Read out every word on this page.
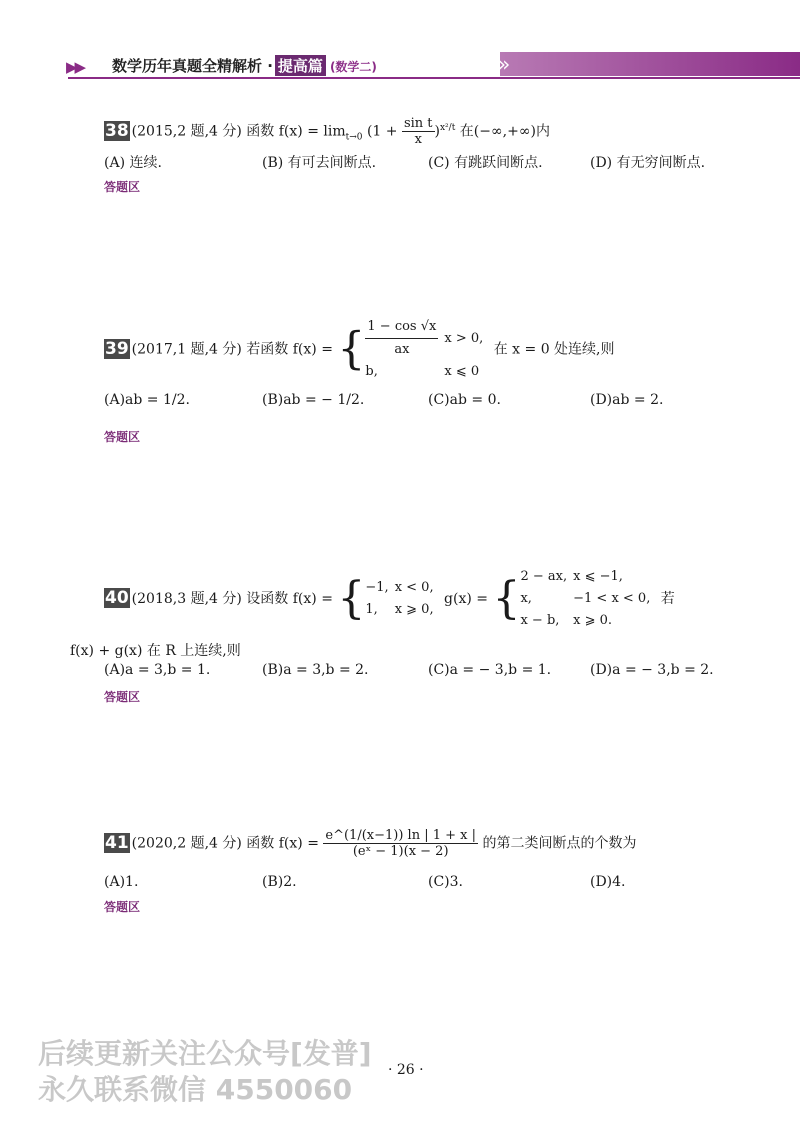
»
▶▶ 数学历年真题全精解析 · 提高篇 (数学二)
38 (2015,2 题,4 分) 函数 $f(x) = \lim_{t\to 0} (1 + \frac{\text{sin t}}{x} )^{x^2/t}$ 在(−∞,+∞)内
(A) 连续.	(B) 有可去间断点.	(C) 有跳跃间断点.	(D) 有无穷间断点.
答题区
39 (2017,1 题,4 分) 若函数 f(x) = { $\frac{1 - \cos √x}{ax}$	x > 0,
b,	x ⩽ 0 在 x = 0 处连续,则
(A)ab = 1/2.	(B)ab = − 1/2.	(C)ab = 0.	(D)ab = 2.
答题区
40 (2018,3 题,4 分) 设函数 f(x) = { −1,	x < 0,
1,	x ⩾ 0, g(x) = { 2 − ax,	x ⩽ −1,
x,	−1 < x < 0,
x − b,	x ⩾ 0. 若
f(x) + g(x) 在 R 上连续,则
(A)a = 3,b = 1.	(B)a = 3,b = 2.	(C)a = − 3,b = 1.	(D)a = − 3,b = 2.
答题区
41 (2020,2 题,4 分) 函数 $f(x) = \frac{e\^{}(1/(x-1)) \ln | 1 + x |}{\text{(eˣ − 1)(x − 2)}}$ 的第二类间断点的个数为
(A)1.	(B)2.	(C)3.	(D)4.
答题区
后续更新关注公众号[发普]
永久联系微信 4550060
· 26 ·
